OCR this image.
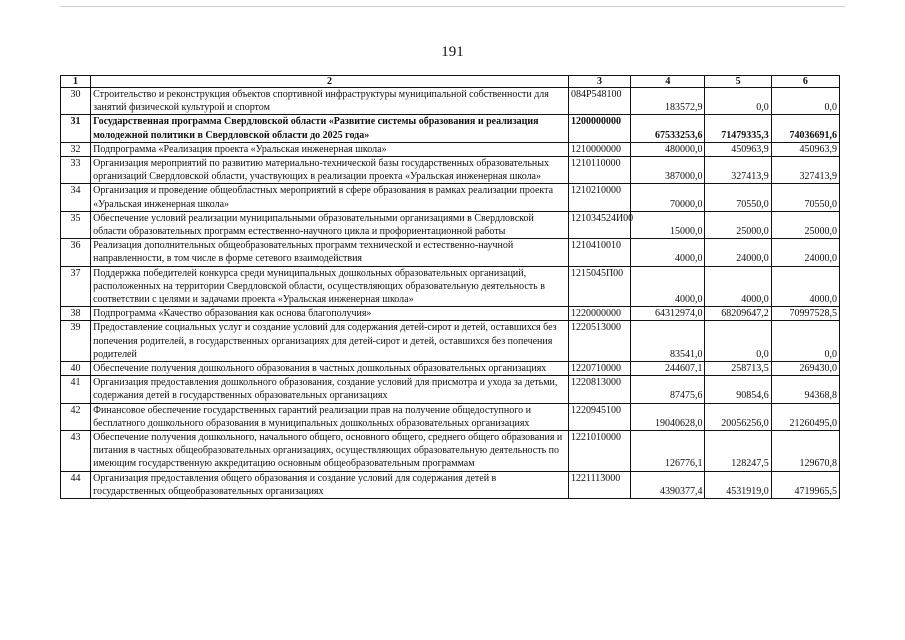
191
1	2	3	4	5	6
30	Строительство и реконструкция объектов спортивной инфраструктуры муниципальной собственности для занятий физической культурой и спортом	084P548100	183572,9	0,0	0,0
31	Государственная программа Свердловской области «Развитие системы образования и реализация молодежной политики в Свердловской области до 2025 года»	1200000000	67533253,6	71479335,3	74036691,6
32	Подпрограмма «Реализация проекта «Уральская инженерная школа»	1210000000	480000,0	450963,9	450963,9
33	Организация мероприятий по развитию материально-технической базы государственных образовательных организаций Свердловской области, участвующих в реализации проекта «Уральская инженерная школа»	1210110000	387000,0	327413,9	327413,9
34	Организация и проведение общеобластных мероприятий в сфере образования в рамках реализации проекта «Уральская инженерная школа»	1210210000	70000,0	70550,0	70550,0
35	Обеспечение условий реализации муниципальными образовательными организациями в Свердловской области образовательных программ естественно-научного цикла и профориентационной работы	121034524И00	15000,0	25000,0	25000,0
36	Реализация дополнительных общеобразовательных программ технической и естественно-научной направленности, в том числе в форме сетевого взаимодействия	1210410010	4000,0	24000,0	24000,0
37	Поддержка победителей конкурса среди муниципальных дошкольных образовательных организаций, расположенных на территории Свердловской области, осуществляющих образовательную деятельность в соответствии с целями и задачами проекта «Уральская инженерная школа»	1215045П00	4000,0	4000,0	4000,0
38	Подпрограмма «Качество образования как основа благополучия»	1220000000	64312974,0	68209647,2	70997528,5
39	Предоставление социальных услуг и создание условий для содержания детей-сирот и детей, оставшихся без попечения родителей, в государственных организациях для детей-сирот и детей, оставшихся без попечения родителей	1220513000	83541,0	0,0	0,0
40	Обеспечение получения дошкольного образования в частных дошкольных образовательных организациях	1220710000	244607,1	258713,5	269430,0
41	Организация предоставления дошкольного образования, создание условий для присмотра и ухода за детьми, содержания детей в государственных образовательных организациях	1220813000	87475,6	90854,6	94368,8
42	Финансовое обеспечение государственных гарантий реализации прав на получение общедоступного и бесплатного дошкольного образования в муниципальных дошкольных образовательных организациях	1220945100	19040628,0	20056256,0	21260495,0
43	Обеспечение получения дошкольного, начального общего, основного общего, среднего общего образования и питания в частных общеобразовательных организациях, осуществляющих образовательную деятельность по имеющим государственную аккредитацию основным общеобразовательным программам	1221010000	126776,1	128247,5	129670,8
44	Организация предоставления общего образования и создание условий для содержания детей в государственных общеобразовательных организациях	1221113000	4390377,4	4531919,0	4719965,5
